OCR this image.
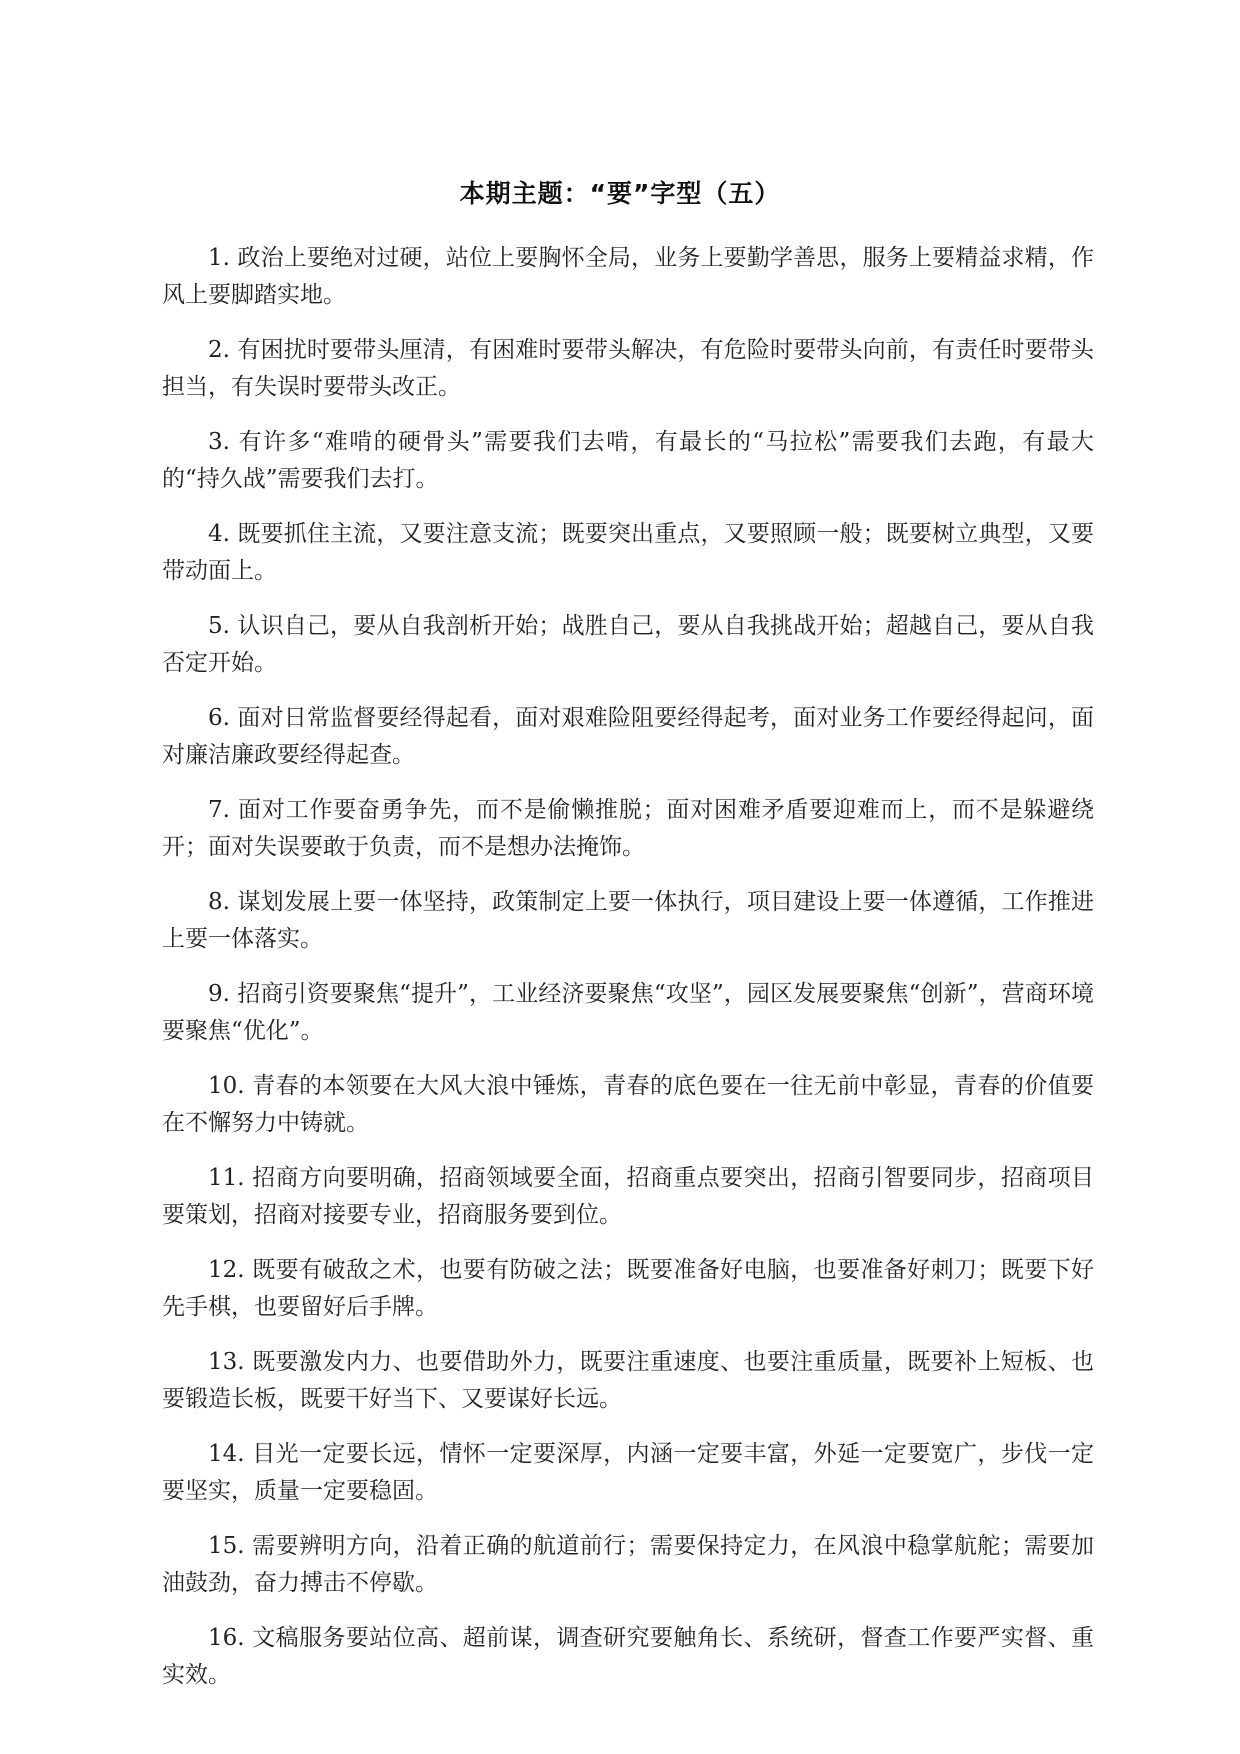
本期主题：“要”字型（五）

1. 政治上要绝对过硬，站位上要胸怀全局，业务上要勤学善思，服务上要精益求精，作风上要脚踏实地。

2. 有困扰时要带头厘清，有困难时要带头解决，有危险时要带头向前，有责任时要带头担当，有失误时要带头改正。

3. 有许多“难啃的硬骨头”需要我们去啃，有最长的“马拉松”需要我们去跑，有最大的“持久战”需要我们去打。

4. 既要抓住主流，又要注意支流；既要突出重点，又要照顾一般；既要树立典型，又要带动面上。

5. 认识自己，要从自我剖析开始；战胜自己，要从自我挑战开始；超越自己，要从自我否定开始。

6. 面对日常监督要经得起看，面对艰难险阻要经得起考，面对业务工作要经得起问，面对廉洁廉政要经得起查。

7. 面对工作要奋勇争先，而不是偷懒推脱；面对困难矛盾要迎难而上，而不是躲避绕开；面对失误要敢于负责，而不是想办法掩饰。

8. 谋划发展上要一体坚持，政策制定上要一体执行，项目建设上要一体遵循，工作推进上要一体落实。

9. 招商引资要聚焦“提升”，工业经济要聚焦“攻坚”，园区发展要聚焦“创新”，营商环境要聚焦“优化”。

10. 青春的本领要在大风大浪中锤炼，青春的底色要在一往无前中彰显，青春的价值要在不懈努力中铸就。

11. 招商方向要明确，招商领域要全面，招商重点要突出，招商引智要同步，招商项目要策划，招商对接要专业，招商服务要到位。

12. 既要有破敌之术，也要有防破之法；既要准备好电脑，也要准备好刺刀；既要下好先手棋，也要留好后手牌。

13. 既要激发内力、也要借助外力，既要注重速度、也要注重质量，既要补上短板、也要锻造长板，既要干好当下、又要谋好长远。

14. 目光一定要长远，情怀一定要深厚，内涵一定要丰富，外延一定要宽广，步伐一定要坚实，质量一定要稳固。

15. 需要辨明方向，沿着正确的航道前行；需要保持定力，在风浪中稳掌航舵；需要加油鼓劲，奋力搏击不停歇。

16. 文稿服务要站位高、超前谋，调查研究要触角长、系统研，督查工作要严实督、重实效。
